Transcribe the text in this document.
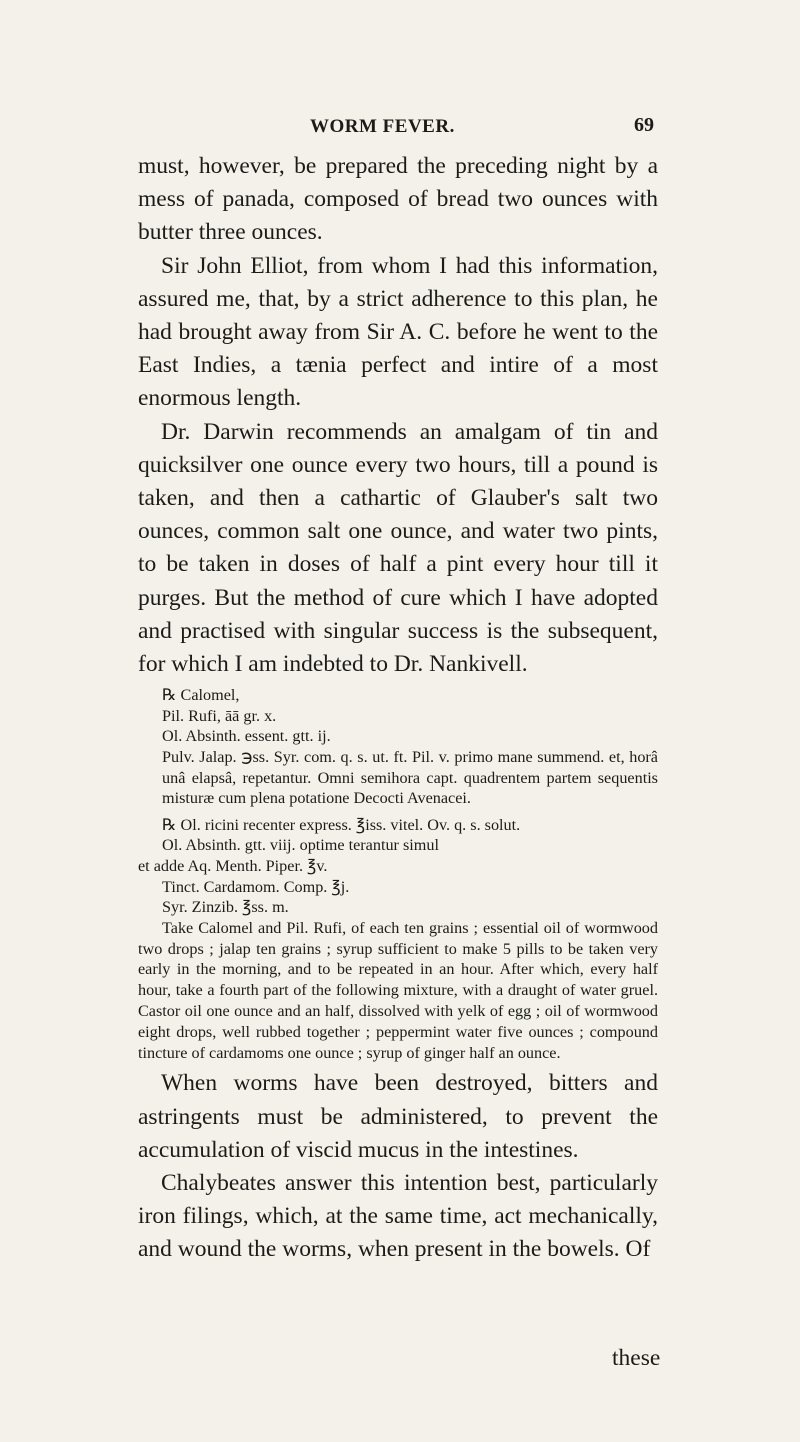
WORM FEVER.	69

must, however, be prepared the preceding night by a mess of panada, composed of bread two ounces with butter three ounces.

Sir John Elliot, from whom I had this information, assured me, that, by a strict adherence to this plan, he had brought away from Sir A. C. before he went to the East Indies, a tænia perfect and intire of a most enormous length.

Dr. Darwin recommends an amalgam of tin and quicksilver one ounce every two hours, till a pound is taken, and then a cathartic of Glauber's salt two ounces, common salt one ounce, and water two pints, to be taken in doses of half a pint every hour till it purges. But the method of cure which I have adopted and practised with singular success is the subsequent, for which I am indebted to Dr. Nankivell.

℞ Calomel,
Pil. Rufi, āā gr. x.
Ol. Absinth. essent. gtt. ij.
Pulv. Jalap. ℈ss. Syr. com. q. s. ut. ft. Pil. v. primo mane summend. et, horâ unâ elapsâ, repetantur. Omni semihora capt. quadrentem partem sequentis misturæ cum plena potatione Decocti Avenacei.
℞ Ol. ricini recenter express. ℥iss. vitel. Ov. q. s. solut.
Ol. Absinth. gtt. viij. optime terantur simul
et adde Aq. Menth. Piper. ℥v.
Tinct. Cardamom. Comp. ℥j.
Syr. Zinzib. ℥ss. m.

Take Calomel and Pil. Rufi, of each ten grains ; essential oil of wormwood two drops ; jalap ten grains ; syrup sufficient to make 5 pills to be taken very early in the morning, and to be repeated in an hour. After which, every half hour, take a fourth part of the following mixture, with a draught of water gruel. Castor oil one ounce and an half, dissolved with yelk of egg ; oil of wormwood eight drops, well rubbed together ; peppermint water five ounces ; compound tincture of cardamoms one ounce ; syrup of ginger half an ounce.

When worms have been destroyed, bitters and astringents must be administered, to prevent the accumulation of viscid mucus in the intestines.

Chalybeates answer this intention best, particularly iron filings, which, at the same time, act mechanically, and wound the worms, when present in the bowels. Of

these
